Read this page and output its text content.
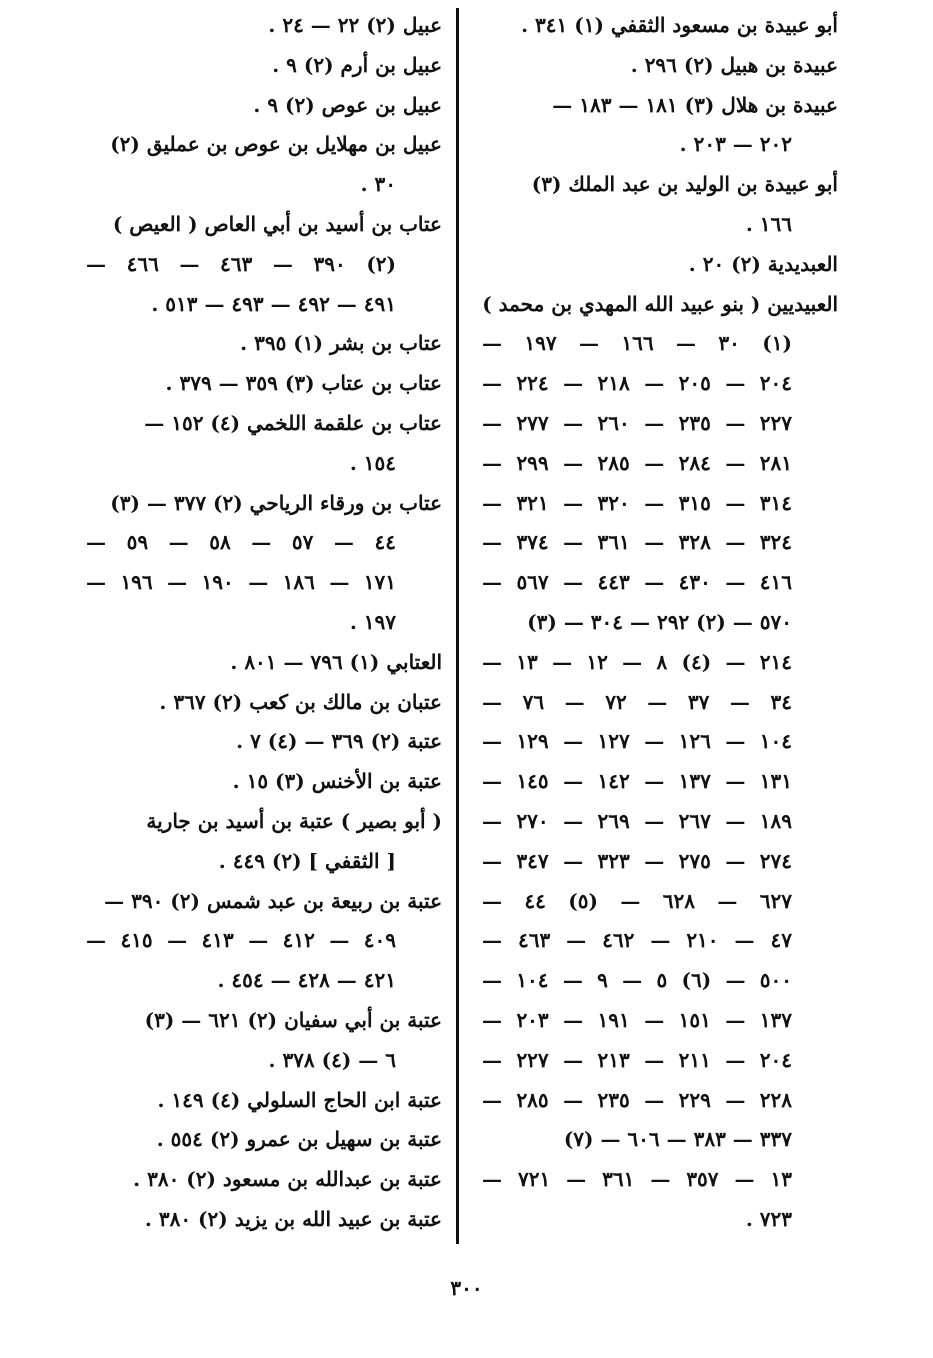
أبو عبيدة بن مسعود الثقفي (١) ٣٤١ .
عبيدة بن هبيل (٢) ٢٩٦ .
عبيدة بن هلال (٣) ١٨١ — ١٨٣ —
٢٠٢ — ٢٠٣ .
أبو عبيدة بن الوليد بن عبد الملك (٣)
١٦٦ .
العبديدية (٢) ٢٠ .
العبيديين ( بنو عبيد الله المهدي بن محمد )
(١) ٣٠ — ١٦٦ — ١٩٧ —
٢٠٤ — ٢٠٥ — ٢١٨ — ٢٢٤ —
٢٢٧ — ٢٣٥ — ٢٦٠ — ٢٧٧ —
٢٨١ — ٢٨٤ — ٢٨٥ — ٢٩٩ —
٣١٤ — ٣١٥ — ٣٢٠ — ٣٢١ —
٣٢٤ — ٣٢٨ — ٣٦١ — ٣٧٤ —
٤١٦ — ٤٣٠ — ٤٤٣ — ٥٦٧ —
٥٧٠ — (٢) ٢٩٢ — ٣٠٤ — (٣)
٢١٤ — (٤) ٨ — ١٢ — ١٣ —
٣٤ — ٣٧ — ٧٢ — ٧٦ —
١٠٤ — ١٢٦ — ١٢٧ — ١٢٩ —
١٣١ — ١٣٧ — ١٤٢ — ١٤٥ —
١٨٩ — ٢٦٧ — ٢٦٩ — ٢٧٠ —
٢٧٤ — ٢٧٥ — ٣٢٣ — ٣٤٧ —
٦٢٧ — ٦٢٨ — (٥) ٤٤ —
٤٧ — ٢١٠ — ٤٦٢ — ٤٦٣ —
٥٠٠ — (٦) ٥ — ٩ — ١٠٤ —
١٣٧ — ١٥١ — ١٩١ — ٢٠٣ —
٢٠٤ — ٢١١ — ٢١٣ — ٢٢٧ —
٢٢٨ — ٢٢٩ — ٢٣٥ — ٢٨٥ —
٣٣٧ — ٣٨٣ — ٦٠٦ — (٧)
١٣ — ٣٥٧ — ٣٦١ — ٧٢١ —
٧٢٣ .
عبيل (٢) ٢٢ — ٢٤ .
عبيل بن أرم (٢) ٩ .
عبيل بن عوص (٢) ٩ .
عبيل بن مهلايل بن عوص بن عمليق (٢)
٣٠ .
عتاب بن أسيد بن أبي العاص ( العيص )
(٢) ٣٩٠ — ٤٦٣ — ٤٦٦ —
٤٩١ — ٤٩٢ — ٤٩٣ — ٥١٣ .
عتاب بن بشر (١) ٣٩٥ .
عتاب بن عتاب (٣) ٣٥٩ — ٣٧٩ .
عتاب بن علقمة اللخمي (٤) ١٥٢ —
١٥٤ .
عتاب بن ورقاء الرياحي (٢) ٣٧٧ — (٣)
٤٤ — ٥٧ — ٥٨ — ٥٩ —
١٧١ — ١٨٦ — ١٩٠ — ١٩٦ —
١٩٧ .
العتابي (١) ٧٩٦ — ٨٠١ .
عتبان بن مالك بن كعب (٢) ٣٦٧ .
عتبة (٢) ٣٦٩ — (٤) ٧ .
عتبة بن الأخنس (٣) ١٥ .
( أبو بصير ) عتبة بن أسيد بن جارية
[ الثقفي ] (٢) ٤٤٩ .
عتبة بن ربيعة بن عبد شمس (٢) ٣٩٠ —
٤٠٩ — ٤١٢ — ٤١٣ — ٤١٥ —
٤٢١ — ٤٢٨ — ٤٥٤ .
عتبة بن أبي سفيان (٢) ٦٢١ — (٣)
٦ — (٤) ٣٧٨ .
عتبة ابن الحاج السلولي (٤) ١٤٩ .
عتبة بن سهيل بن عمرو (٢) ٥٥٤ .
عتبة بن عبدالله بن مسعود (٢) ٣٨٠ .
عتبة بن عبيد الله بن يزيد (٢) ٣٨٠ .
٣٠٠
